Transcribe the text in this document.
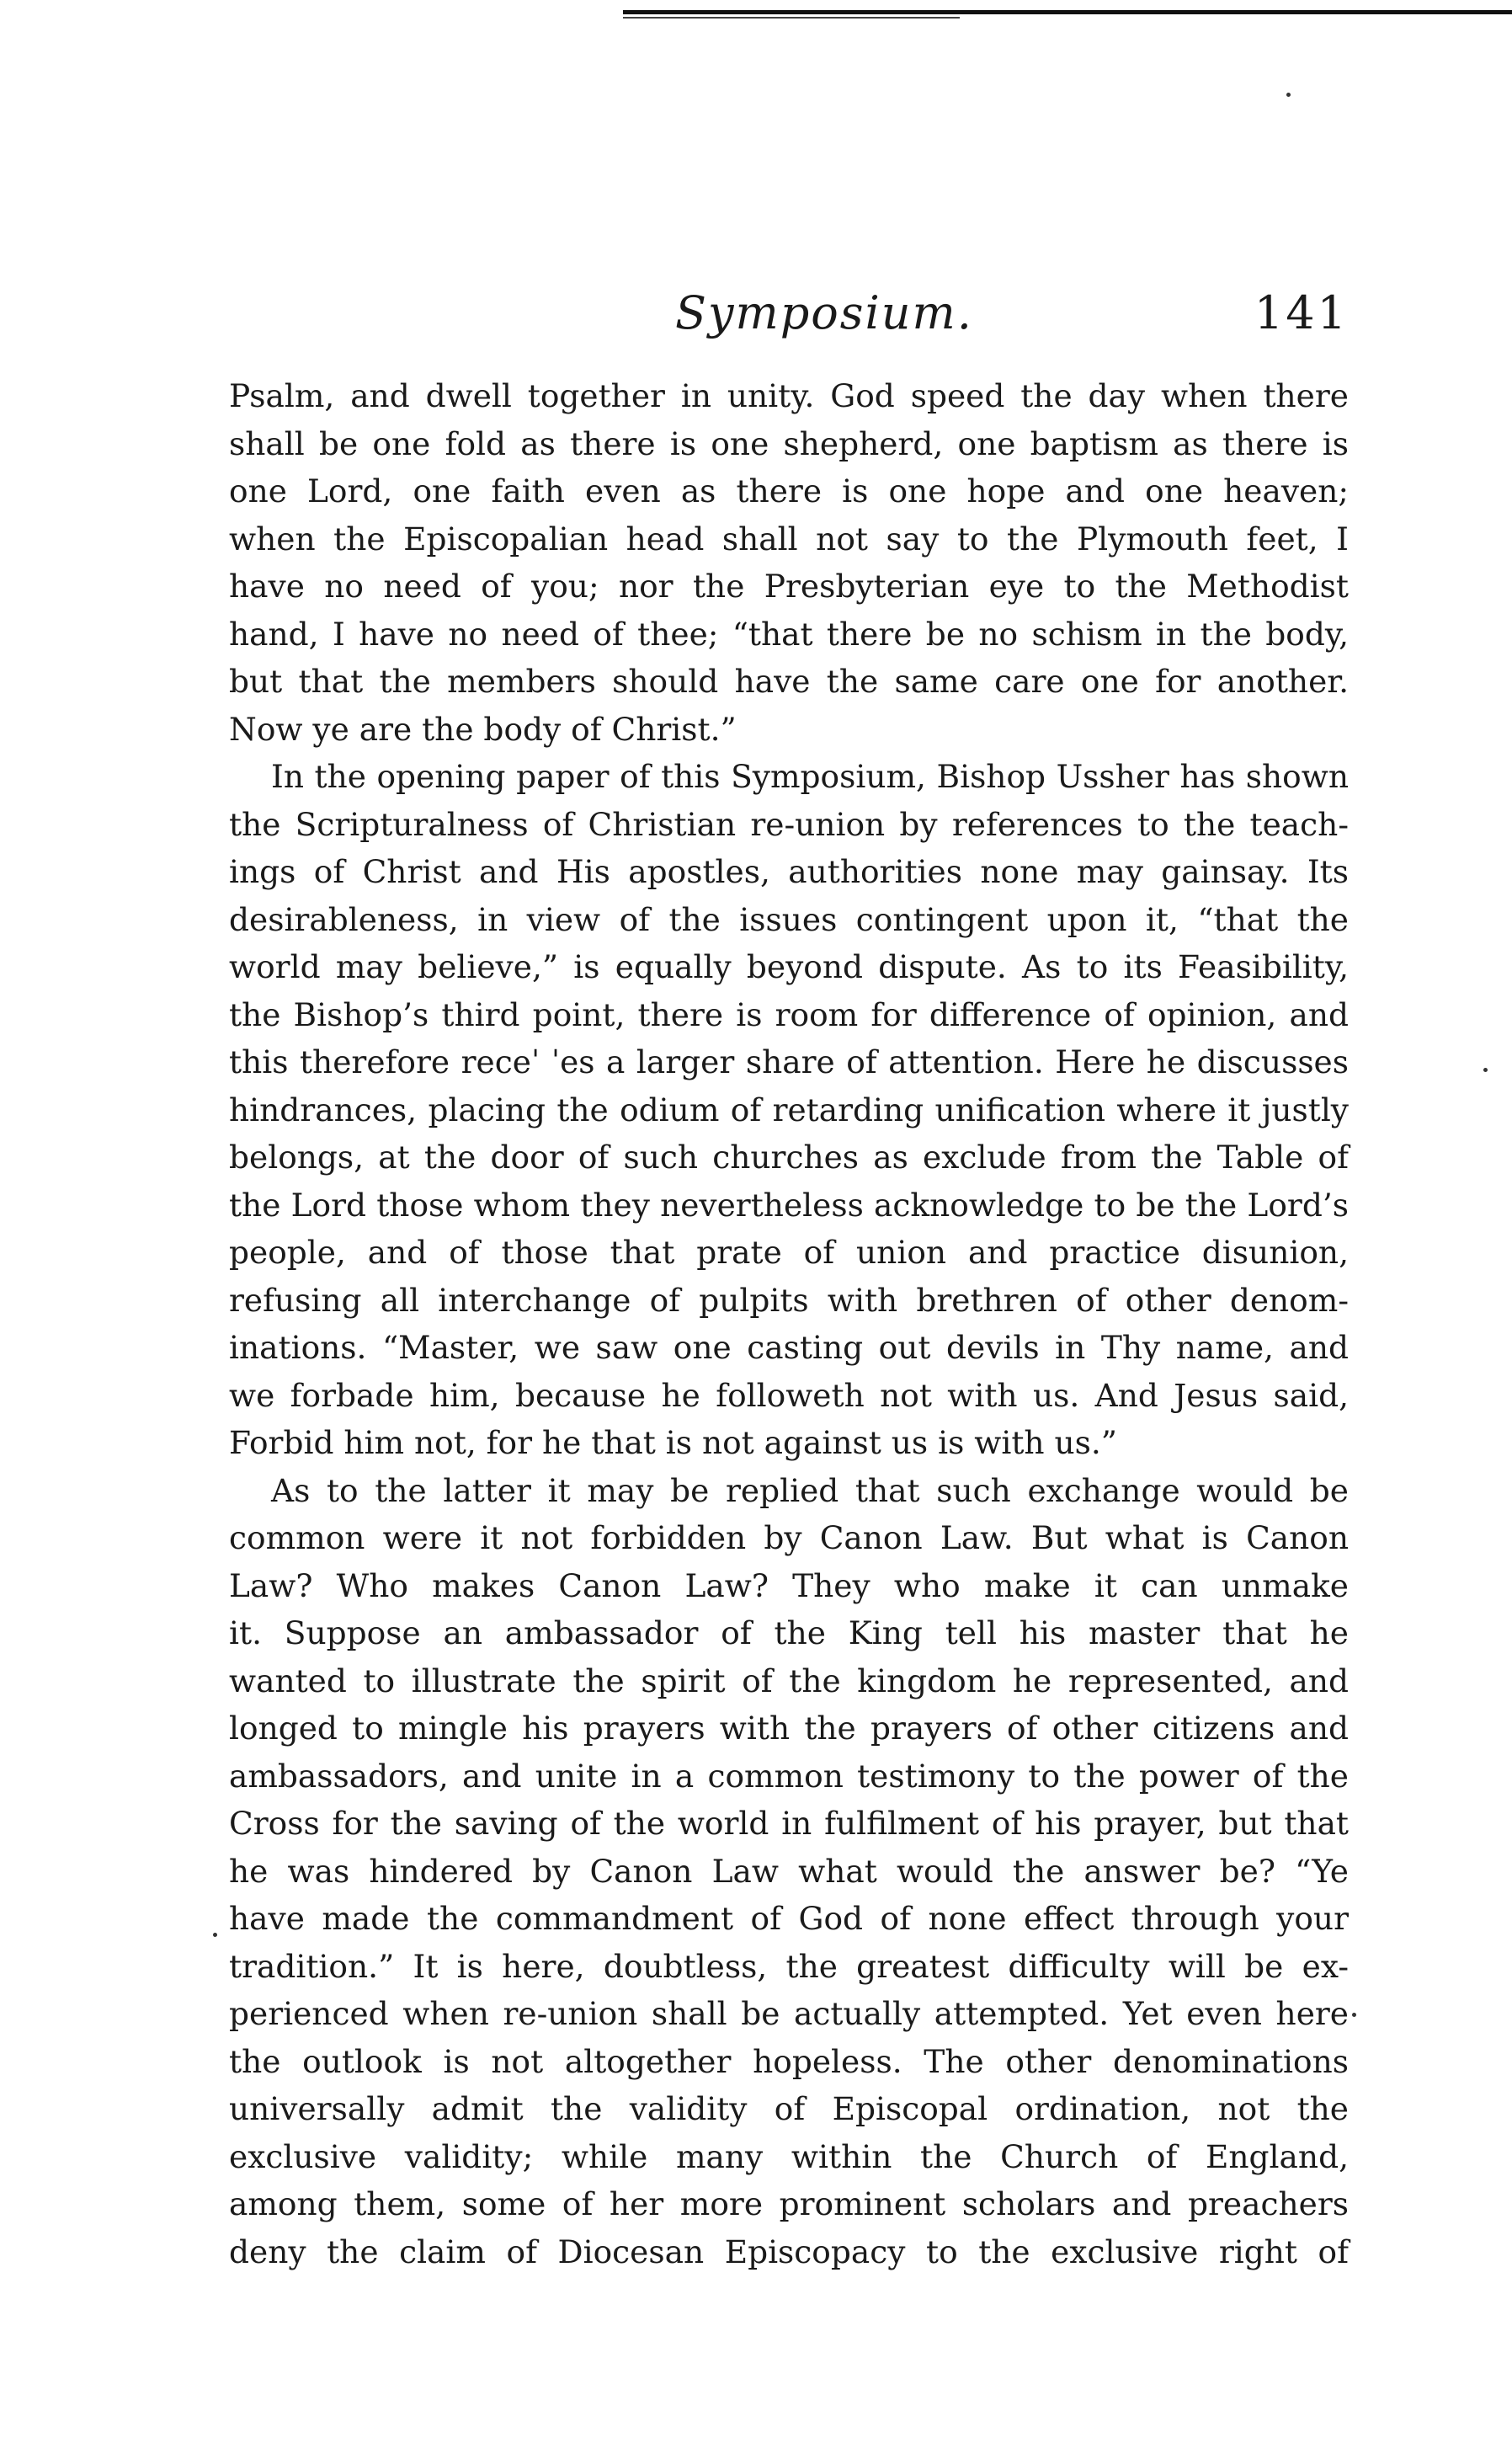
Symposium.	141
Psalm, and dwell together in unity. God speed the day when there
shall be one fold as there is one shepherd, one baptism as there is
one Lord, one faith even as there is one hope and one heaven;
when the Episcopalian head shall not say to the Plymouth feet, I
have no need of you; nor the Presbyterian eye to the Methodist
hand, I have no need of thee; “that there be no schism in the body,
but that the members should have the same care one for another.
Now ye are the body of Christ.”
In the opening paper of this Symposium, Bishop Ussher has shown
the Scripturalness of Christian re-union by references to the teach-
ings of Christ and His apostles, authorities none may gainsay. Its
desirableness, in view of the issues contingent upon it, “that the
world may believe,” is equally beyond dispute. As to its Feasibility,
the Bishop’s third point, there is room for difference of opinion, and
this therefore receˈ ˈes a larger share of attention. Here he discusses
hindrances, placing the odium of retarding unification where it justly
belongs, at the door of such churches as exclude from the Table of
the Lord those whom they nevertheless acknowledge to be the Lord’s
people, and of those that prate of union and practice disunion,
refusing all interchange of pulpits with brethren of other denom-
inations. “Master, we saw one casting out devils in Thy name, and
we forbade him, because he followeth not with us. And Jesus said,
Forbid him not, for he that is not against us is with us.”
As to the latter it may be replied that such exchange would be
common were it not forbidden by Canon Law. But what is Canon
Law? Who makes Canon Law? They who make it can unmake
it. Suppose an ambassador of the King tell his master that he
wanted to illustrate the spirit of the kingdom he represented, and
longed to mingle his prayers with the prayers of other citizens and
ambassadors, and unite in a common testimony to the power of the
Cross for the saving of the world in fulfilment of his prayer, but that
he was hindered by Canon Law what would the answer be? “Ye
have made the commandment of God of none effect through your
tradition.” It is here, doubtless, the greatest difficulty will be ex-
perienced when re-union shall be actually attempted. Yet even here
the outlook is not altogether hopeless. The other denominations
universally admit the validity of Episcopal ordination, not the
exclusive validity; while many within the Church of England,
among them, some of her more prominent scholars and preachers
deny the claim of Diocesan Episcopacy to the exclusive right of
